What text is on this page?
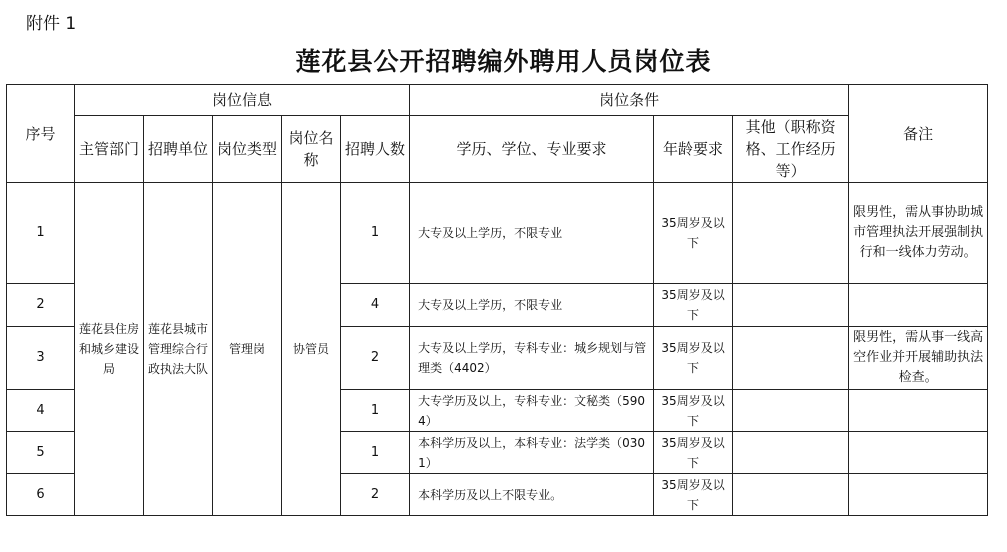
附件 1
莲花县公开招聘编外聘用人员岗位表
序号	岗位信息					岗位条件			备注
	主管部门	招聘单位	岗位类型	岗位名称	招聘人数	学历、学位、专业要求	年龄要求	其他（职称资格、工作经历等）	
1	莲花县住房和城乡建设局	莲花县城市管理综合行政执法大队	管理岗	协管员	1	大专及以上学历，不限专业	35周岁及以下		限男性，需从事协助城市管理执法开展强制执行和一线体力劳动。
2					4	大专及以上学历，不限专业	35周岁及以下		
3					2	大专及以上学历，专科专业：城乡规划与管理类（4402）	35周岁及以下		限男性，需从事一线高空作业并开展辅助执法检查。
4					1	大专学历及以上，专科专业：文秘类（5904）	35周岁及以下		
5					1	本科学历及以上，本科专业：法学类（0301）	35周岁及以下		
6					2	本科学历及以上不限专业。	35周岁及以下		
